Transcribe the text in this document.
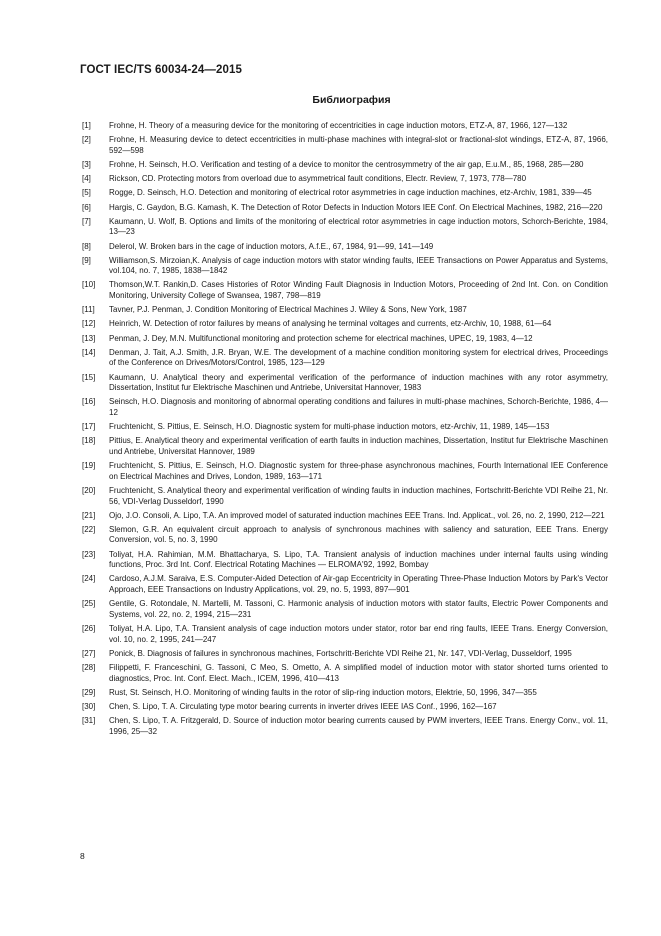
ГОСТ IEC/TS 60034-24—2015
Библиография
[1]	Frohne, H. Theory of a measuring device for the monitoring of eccentricities in cage induction motors, ETZ-A, 87, 1966, 127—132
[2]	Frohne, H. Measuring device to detect eccentricities in multi-phase machines with integral-slot or fractional-slot windings, ETZ-A, 87, 1966, 592—598
[3]	Frohne, H. Seinsch, H.O. Verification and testing of a device to monitor the centrosymmetry of the air gap, E.u.M., 85, 1968, 285—280
[4]	Rickson, CD. Protecting motors from overload due to asymmetrical fault conditions, Electr. Review, 7, 1973, 778—780
[5]	Rogge, D. Seinsch, H.O. Detection and monitoring of electrical rotor asymmetries in cage induction machines, etz-Archiv, 1981, 339—45
[6]	Hargis, C. Gaydon, B.G. Kamash, K. The Detection of Rotor Defects in Induction Motors IEE Conf. On Electrical Machines, 1982, 216—220
[7]	Kaumann, U. Wolf, B. Options and limits of the monitoring of electrical rotor asymmetries in cage induction motors, Schorch-Berichte, 1984, 13—23
[8]	Delerol, W. Broken bars in the cage of induction motors, A.f.E., 67, 1984, 91—99, 141—149
[9]	Williamson,S. Mirzoian,K. Analysis of cage induction motors with stator winding faults, IEEE Transactions on Power Apparatus and Systems, vol.104, no. 7, 1985, 1838—1842
[10]	Thomson,W.T. Rankin,D. Cases Histories of Rotor Winding Fault Diagnosis in Induction Motors, Proceeding of 2nd Int. Con. on Condition Monitoring, University College of Swansea, 1987, 798—819
[11]	Tavner, P.J. Penman, J. Condition Monitoring of Electrical Machines J. Wiley & Sons, New York, 1987
[12]	Heinrich, W. Detection of rotor failures by means of analysing he terminal voltages and currents, etz-Archiv, 10, 1988, 61—64
[13]	Penman, J. Dey, M.N. Multifunctional monitoring and protection scheme for electrical machines, UPEC, 19, 1983, 4—12
[14]	Denman, J. Tait, A.J. Smith, J.R. Bryan, W.E. The development of a machine condition monitoring system for electrical drives, Proceedings of the Conference on Drives/Motors/Control, 1985, 123—129
[15]	Kaumann, U. Analytical theory and experimental verification of the performance of induction machines with any rotor asymmetry, Dissertation, Institut fur Elektrische Maschinen und Antriebe, Universitat Hannover, 1983
[16]	Seinsch, H.O. Diagnosis and monitoring of abnormal operating conditions and failures in multi-phase machines, Schorch-Berichte, 1986, 4—12
[17]	Fruchtenicht, S. Pittius, E. Seinsch, H.O. Diagnostic system for multi-phase induction motors, etz-Archiv, 11, 1989, 145—153
[18]	Pittius, E. Analytical theory and experimental verification of earth faults in induction machines, Dissertation, Institut fur Elektrische Maschinen und Antriebe, Universitat Hannover, 1989
[19]	Fruchtenicht, S. Pittius, E. Seinsch, H.O. Diagnostic system for three-phase asynchronous machines, Fourth International IEE Conference on Electrical Machines and Drives, London, 1989, 163—171
[20]	Fruchtenicht, S. Analytical theory and experimental verification of winding faults in induction machines, Fortschritt-Berichte VDI Reihe 21, Nr. 56, VDI-Verlag Dusseldorf, 1990
[21]	Ojo, J.O. Consoli, A. Lipo, T.A. An improved model of saturated induction machines EEE Trans. Ind. Applicat., vol. 26, no. 2, 1990, 212—221
[22]	Slemon, G.R. An equivalent circuit approach to analysis of synchronous machines with saliency and saturation, EEE Trans. Energy Conversion, vol. 5, no. 3, 1990
[23]	Toliyat, H.A. Rahimian, M.M. Bhattacharya, S. Lipo, T.A. Transient analysis of induction machines under internal faults using winding functions, Proc. 3rd Int. Conf. Electrical Rotating Machines — ELROMA'92, 1992, Bombay
[24]	Cardoso, A.J.M. Saraiva, E.S. Computer-Aided Detection of Air-gap Eccentricity in Operating Three-Phase Induction Motors by Park's Vector Approach, EEE Transactions on Industry Applications, vol. 29, no. 5, 1993, 897—901
[25]	Gentile, G. Rotondale, N. Martelli, M. Tassoni, C. Harmonic analysis of induction motors with stator faults, Electric Power Components and Systems, vol. 22, no. 2, 1994, 215—231
[26]	Toliyat, H.A. Lipo, T.A. Transient analysis of cage induction motors under stator, rotor bar end ring faults, IEEE Trans. Energy Conversion, vol. 10, no. 2, 1995, 241—247
[27]	Ponick, B. Diagnosis of failures in synchronous machines, Fortschritt-Berichte VDI Reihe 21, Nr. 147, VDI-Verlag, Dusseldorf, 1995
[28]	Filippetti, F. Franceschini, G. Tassoni, C Meo, S. Ometto, A. A simplified model of induction motor with stator shorted turns oriented to diagnostics, Proc. Int. Conf. Elect. Mach., ICEM, 1996, 410—413
[29]	Rust, St. Seinsch, H.O. Monitoring of winding faults in the rotor of slip-ring induction motors, Elektrie, 50, 1996, 347—355
[30]	Chen, S. Lipo, T. A. Circulating type motor bearing currents in inverter drives IEEE IAS Conf., 1996, 162—167
[31]	Chen, S. Lipo, T. A. Fritzgerald, D. Source of induction motor bearing currents caused by PWM inverters, IEEE Trans. Energy Conv., vol. 11, 1996, 25—32
8
